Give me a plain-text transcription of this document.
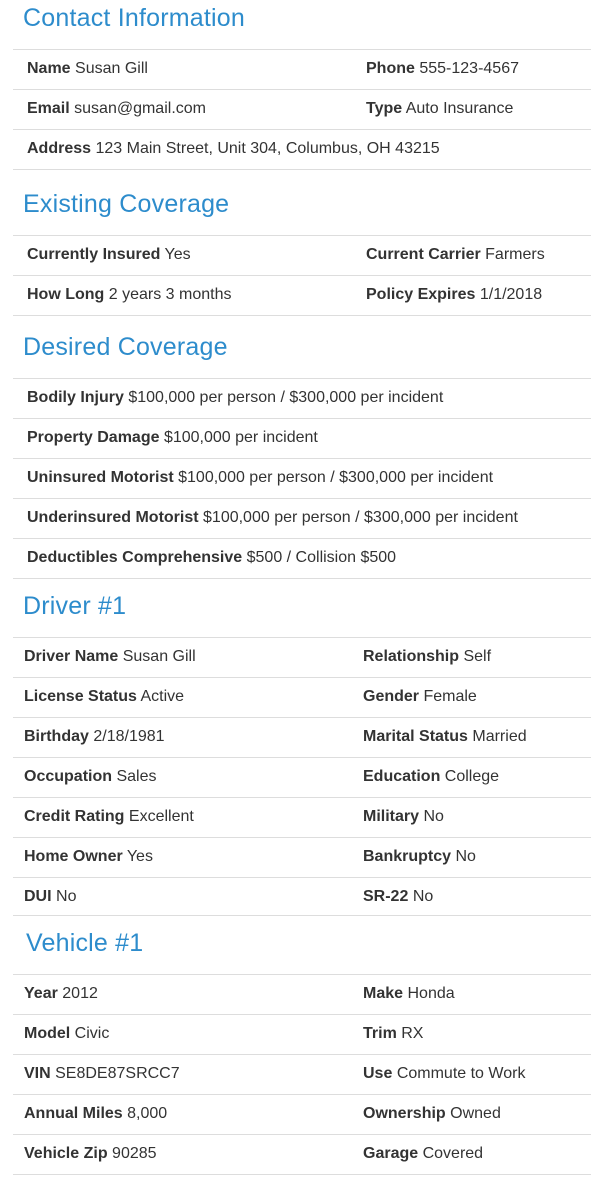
Contact Information
Name Susan Gill	Phone 555-123-4567
Email susan@gmail.com	Type Auto Insurance
Address 123 Main Street, Unit 304, Columbus, OH 43215
Existing Coverage
Currently Insured Yes	Current Carrier Farmers
How Long 2 years 3 months	Policy Expires 1/1/2018
Desired Coverage
Bodily Injury $100,000 per person / $300,000 per incident
Property Damage $100,000 per incident
Uninsured Motorist $100,000 per person / $300,000 per incident
Underinsured Motorist $100,000 per person / $300,000 per incident
Deductibles Comprehensive $500 / Collision $500
Driver #1
Driver Name Susan Gill	Relationship Self
License Status Active	Gender Female
Birthday 2/18/1981	Marital Status Married
Occupation Sales	Education College
Credit Rating Excellent	Military No
Home Owner Yes	Bankruptcy No
DUI No	SR-22 No
Vehicle #1
Year 2012	Make Honda
Model Civic	Trim RX
VIN SE8DE87SRCC7	Use Commute to Work
Annual Miles 8,000	Ownership Owned
Vehicle Zip 90285	Garage Covered
